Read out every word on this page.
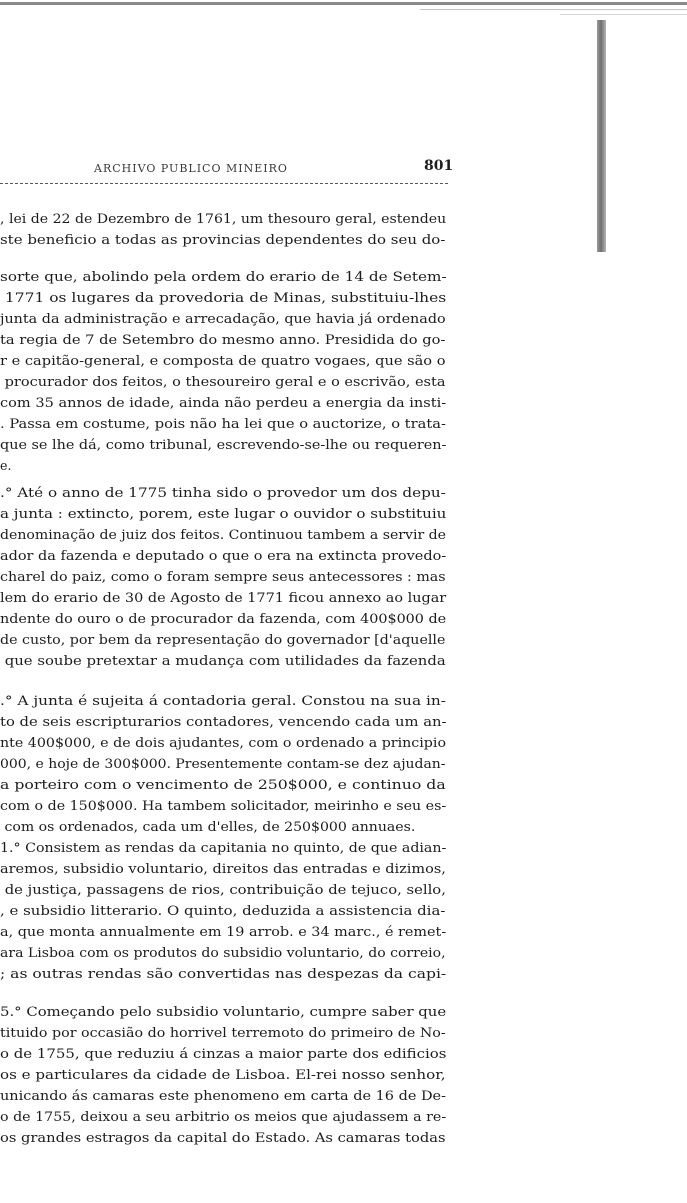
ARCHIVO PUBLICO MINEIRO	801
, lei de 22 de Dezembro de 1761, um thesouro geral, estendeu
ste beneficio a todas as provincias dependentes do seu do-
sorte que, abolindo pela ordem do erario de 14 de Setem-
1771 os lugares da provedoria de Minas, substituiu-lhes
junta da administração e arrecadação, que havia já ordenado
ta regia de 7 de Setembro do mesmo anno. Presidida do go-
r e capitão-general, e composta de quatro vogaes, que são o
procurador dos feitos, o thesoureiro geral e o escrivão, esta
com 35 annos de idade, ainda não perdeu a energia da insti-
. Passa em costume, pois não ha lei que o auctorize, o trata-
que se lhe dá, como tribunal, escrevendo-se-lhe ou requeren-
e.
.° Até o anno de 1775 tinha sido o provedor um dos depu-
a junta : extincto, porem, este lugar o ouvidor o substituiu
denominação de juiz dos feitos. Continuou tambem a servir de
ador da fazenda e deputado o que o era na extincta provedo-
charel do paiz, como o foram sempre seus antecessores : mas
lem do erario de 30 de Agosto de 1771 ficou annexo ao lugar
ndente do ouro o de procurador da fazenda, com 400$000 de
de custo, por bem da representação do governador [d'aquelle
que soube pretextar a mudança com utilidades da fazenda
.° A junta é sujeita á contadoria geral. Constou na sua in-
to de seis escripturarios contadores, vencendo cada um an-
nte 400$000, e de dois ajudantes, com o ordenado a principio
000, e hoje de 300$000. Presentemente contam-se dez ajudan-
a porteiro com o vencimento de 250$000, e continuo da
com o de 150$000. Ha tambem solicitador, meirinho e seu es-
com os ordenados, cada um d'elles, de 250$000 annuaes.
1.° Consistem as rendas da capitania no quinto, de que adian-
aremos, subsidio voluntario, direitos das entradas e dizimos,
de justiça, passagens de rios, contribuição de tejuco, sello,
, e subsidio litterario. O quinto, deduzida a assistencia dia-
a, que monta annualmente em 19 arrob. e 34 marc., é remet-
ara Lisboa com os produtos do subsidio voluntario, do correio,
; as outras rendas são convertidas nas despezas da capi-
5.° Começando pelo subsidio voluntario, cumpre saber que
tituido por occasião do horrivel terremoto do primeiro de No-
o de 1755, que reduziu á cinzas a maior parte dos edificios
os e particulares da cidade de Lisboa. El-rei nosso senhor,
unicando ás camaras este phenomeno em carta de 16 de De-
o de 1755, deixou a seu arbitrio os meios que ajudassem a re-
os grandes estragos da capital do Estado. As camaras todas
